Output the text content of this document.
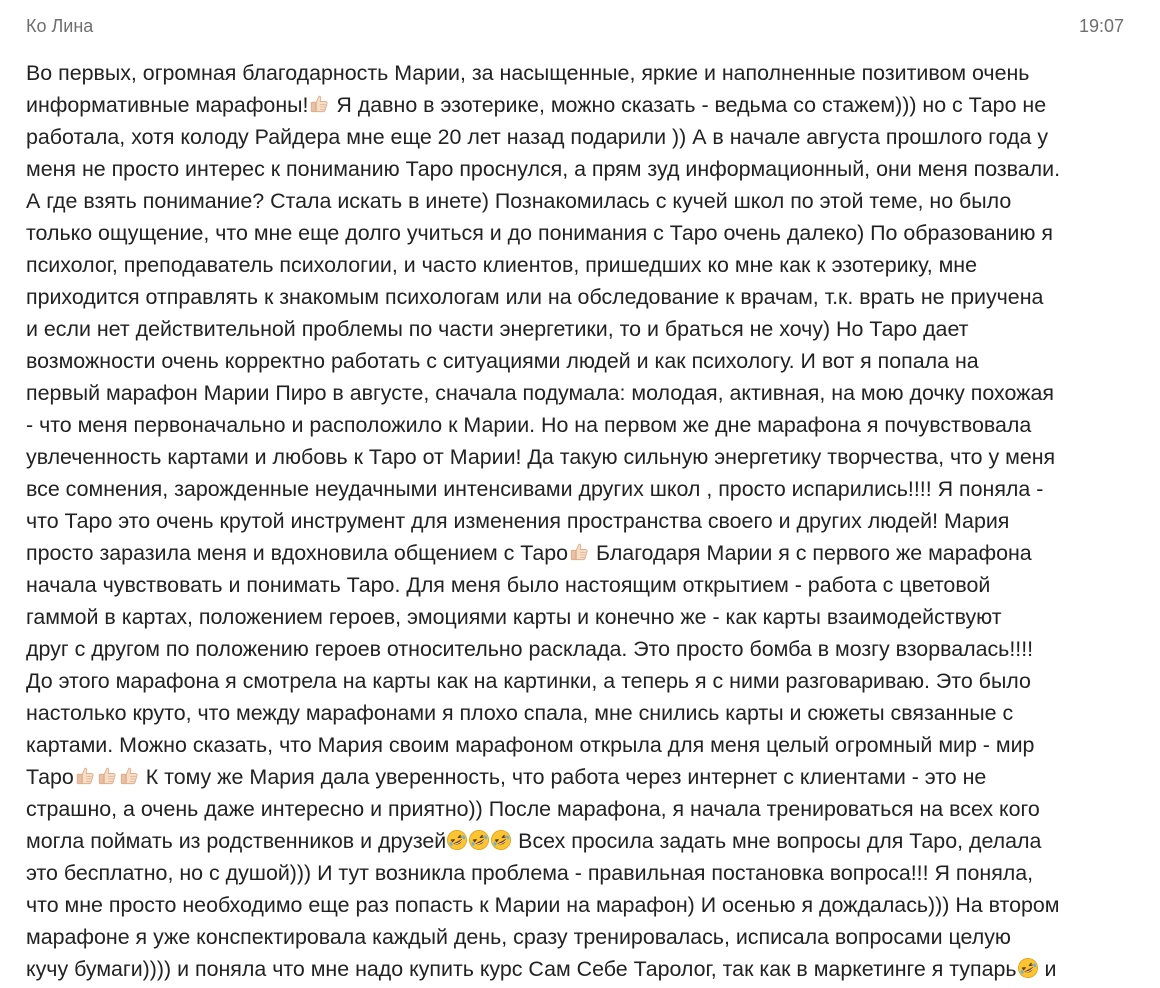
Ко Лина	19:07
Во первых, огромная благодарность Марии, за насыщенные, яркие и наполненные позитивом очень
информативные марафоны! Я давно в эзотерике, можно сказать - ведьма со стажем))) но с Таро не
работала, хотя колоду Райдера мне еще 20 лет назад подарили )) А в начале августа прошлого года у
меня не просто интерес к пониманию Таро проснулся, а прям зуд информационный, они меня позвали.
А где взять понимание? Стала искать в инете) Познакомилась с кучей школ по этой теме, но было
только ощущение, что мне еще долго учиться и до понимания с Таро очень далеко) По образованию я
психолог, преподаватель психологии, и часто клиентов, пришедших ко мне как к эзотерику, мне
приходится отправлять к знакомым психологам или на обследование к врачам, т.к. врать не приучена
и если нет действительной проблемы по части энергетики, то и браться не хочу) Но Таро дает
возможности очень корректно работать с ситуациями людей и как психологу. И вот я попала на
первый марафон Марии Пиро в августе, сначала подумала: молодая, активная, на мою дочку похожая
- что меня первоначально и расположило к Марии. Но на первом же дне марафона я почувствовала
увлеченность картами и любовь к Таро от Марии! Да такую сильную энергетику творчества, что у меня
все сомнения, зарожденные неудачными интенсивами других школ , просто испарились!!!! Я поняла -
что Таро это очень крутой инструмент для изменения пространства своего и других людей! Мария
просто заразила меня и вдохновила общением с Таро Благодаря Марии я с первого же марафона
начала чувствовать и понимать Таро. Для меня было настоящим открытием - работа с цветовой
гаммой в картах, положением героев, эмоциями карты и конечно же - как карты взаимодействуют
друг с другом по положению героев относительно расклада. Это просто бомба в мозгу взорвалась!!!!
До этого марафона я смотрела на карты как на картинки, а теперь я с ними разговариваю. Это было
настолько круто, что между марафонами я плохо спала, мне снились карты и сюжеты связанные с
картами. Можно сказать, что Мария своим марафоном открыла для меня целый огромный мир - мир
Таро	К тому же Мария дала уверенность, что работа через интернет с клиентами - это не
страшно, а очень даже интересно и приятно)) После марафона, я начала тренироваться на всех кого
могла поймать из родственников и друзей	Всех просила задать мне вопросы для Таро, делала
это бесплатно, но с душой))) И тут возникла проблема - правильная постановка вопроса!!! Я поняла,
что мне просто необходимо еще раз попасть к Марии на марафон) И осенью я дождалась))) На втором
марафоне я уже конспектировала каждый день, сразу тренировалась, исписала вопросами целую
кучу бумаги)))) и поняла что мне надо купить курс Сам Себе Таролог, так как в маркетинге я тупарь и
